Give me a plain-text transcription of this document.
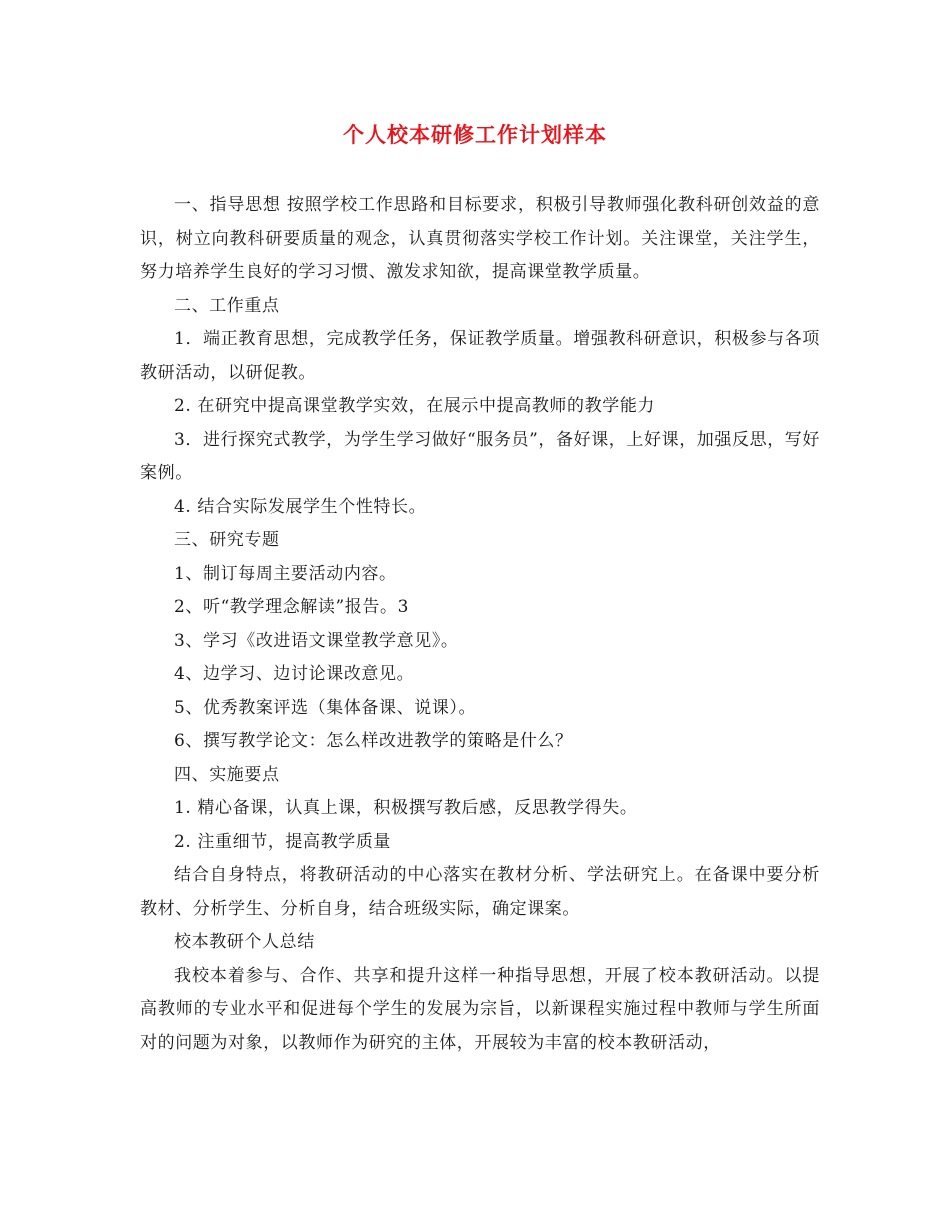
个人校本研修工作计划样本

一、指导思想 按照学校工作思路和目标要求，积极引导教师强化教科研创效益的意识，树立向教科研要质量的观念，认真贯彻落实学校工作计划。关注课堂，关注学生，努力培养学生良好的学习习惯、激发求知欲，提高课堂教学质量。

二、工作重点

1．端正教育思想，完成教学任务，保证教学质量。增强教科研意识，积极参与各项教研活动，以研促教。

2. 在研究中提高课堂教学实效，在展示中提高教师的教学能力

3．进行探究式教学，为学生学习做好“服务员”，备好课，上好课，加强反思，写好案例。

4. 结合实际发展学生个性特长。

三、研究专题

1、制订每周主要活动内容。

2、听“教学理念解读”报告。3

3、学习《改进语文课堂教学意见》。

4、边学习、边讨论课改意见。

5、优秀教案评选（集体备课、说课）。

6、撰写教学论文：怎么样改进教学的策略是什么？

四、实施要点

1. 精心备课，认真上课，积极撰写教后感，反思教学得失。

2. 注重细节，提高教学质量

结合自身特点，将教研活动的中心落实在教材分析、学法研究上。在备课中要分析教材、分析学生、分析自身，结合班级实际，确定课案。

校本教研个人总结

我校本着参与、合作、共享和提升这样一种指导思想，开展了校本教研活动。以提高教师的专业水平和促进每个学生的发展为宗旨，以新课程实施过程中教师与学生所面对的问题为对象，以教师作为研究的主体，开展较为丰富的校本教研活动，
